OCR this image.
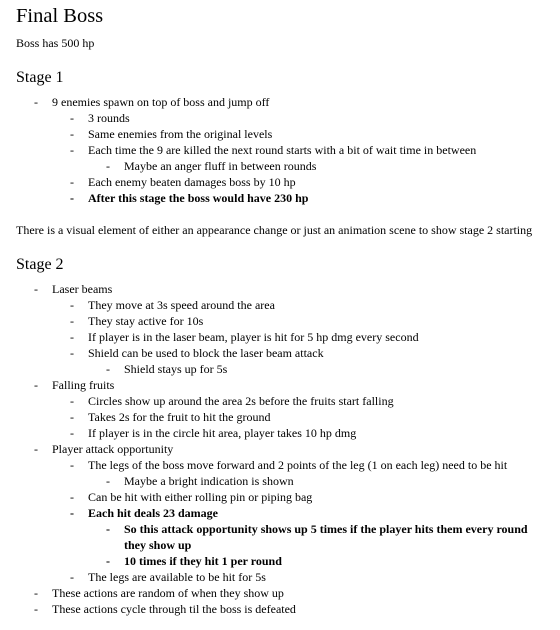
Final Boss

Boss has 500 hp

Stage 1
- 9 enemies spawn on top of boss and jump off
- 3 rounds
- Same enemies from the original levels
- Each time the 9 are killed the next round starts with a bit of wait time in between
- Maybe an anger fluff in between rounds
- Each enemy beaten damages boss by 10 hp
- After this stage the boss would have 230 hp

There is a visual element of either an appearance change or just an animation scene to show stage 2 starting

Stage 2
- Laser beams
- They move at 3s speed around the area
- They stay active for 10s
- If player is in the laser beam, player is hit for 5 hp dmg every second
- Shield can be used to block the laser beam attack
- Shield stays up for 5s
- Falling fruits
- Circles show up around the area 2s before the fruits start falling
- Takes 2s for the fruit to hit the ground
- If player is in the circle hit area, player takes 10 hp dmg
- Player attack opportunity
- The legs of the boss move forward and 2 points of the leg (1 on each leg) need to be hit
- Maybe a bright indication is shown
- Can be hit with either rolling pin or piping bag
- Each hit deals 23 damage
- So this attack opportunity shows up 5 times if the player hits them every round they show up
- 10 times if they hit 1 per round
- The legs are available to be hit for 5s
- These actions are random of when they show up
- These actions cycle through til the boss is defeated
